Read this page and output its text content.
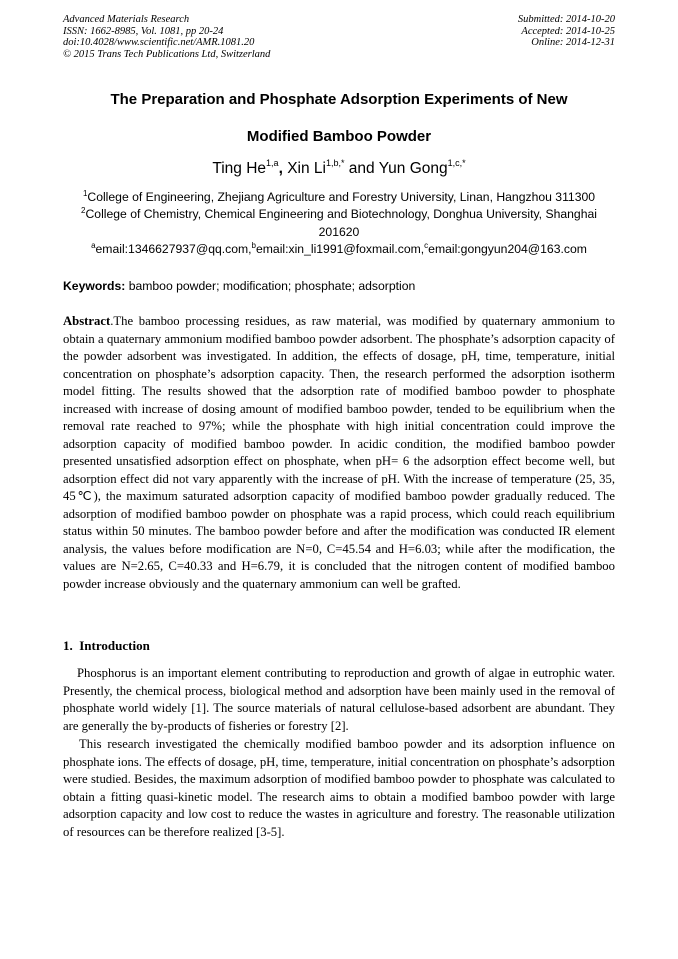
Advanced Materials Research
ISSN: 1662-8985, Vol. 1081, pp 20-24
doi:10.4028/www.scientific.net/AMR.1081.20
© 2015 Trans Tech Publications Ltd, Switzerland
Submitted: 2014-10-20
Accepted: 2014-10-25
Online: 2014-12-31
The Preparation and Phosphate Adsorption Experiments of New
Modified Bamboo Powder
Ting He$^{1,a}$, Xin $Li^{1,b,*}$ and Yun Gong$^{1,c,*}$
$^1$College of Engineering, Zhejiang Agriculture and Forestry University, Linan, Hangzhou 311300
$^2$College of Chemistry, Chemical Engineering and Biotechnology, Donghua University, Shanghai
201620
$^a$email:1346627937@qq.com,$^b$email:xin_li1991@foxmail.com,$^c$email:gongyun204@163.com
Keywords: bamboo powder; modification; phosphate; adsorption
Abstract.The bamboo processing residues, as raw material, was modified by quaternary ammonium to obtain a quaternary ammonium modified bamboo powder adsorbent. The phosphate’s adsorption capacity of the powder adsorbent was investigated. In addition, the effects of dosage, pH, time, temperature, initial concentration on phosphate’s adsorption capacity. Then, the research performed the adsorption isotherm model fitting. The results showed that the adsorption rate of modified bamboo powder to phosphate increased with increase of dosing amount of modified bamboo powder, tended to be equilibrium when the removal rate reached to 97%; while the phosphate with high initial concentration could improve the adsorption capacity of modified bamboo powder. In acidic condition, the modified bamboo powder presented unsatisfied adsorption effect on phosphate, when pH= 6 the adsorption effect become well, but adsorption effect did not vary apparently with the increase of pH. With the increase of temperature (25, 35, 45℃), the maximum saturated adsorption capacity of modified bamboo powder gradually reduced. The adsorption of modified bamboo powder on phosphate was a rapid process, which could reach equilibrium status within 50 minutes. The bamboo powder before and after the modification was conducted IR element analysis, the values before modification are N=0, C=45.54 and H=6.03; while after the modification, the values are N=2.65, C=40.33 and H=6.79, it is concluded that the nitrogen content of modified bamboo powder increase obviously and the quaternary ammonium can well be grafted.
1.  Introduction
Phosphorus is an important element contributing to reproduction and growth of algae in eutrophic water. Presently, the chemical process, biological method and adsorption have been mainly used in the removal of phosphate world widely [1]. The source materials of natural cellulose-based adsorbent are abundant. They are generally the by-products of fisheries or forestry [2].
This research investigated the chemically modified bamboo powder and its adsorption influence on phosphate ions. The effects of dosage, pH, time, temperature, initial concentration on phosphate’s adsorption were studied. Besides, the maximum adsorption of modified bamboo powder to phosphate was calculated to obtain a fitting quasi-kinetic model. The research aims to obtain a modified bamboo powder with large adsorption capacity and low cost to reduce the wastes in agriculture and forestry. The reasonable utilization of resources can be therefore realized [3-5].
